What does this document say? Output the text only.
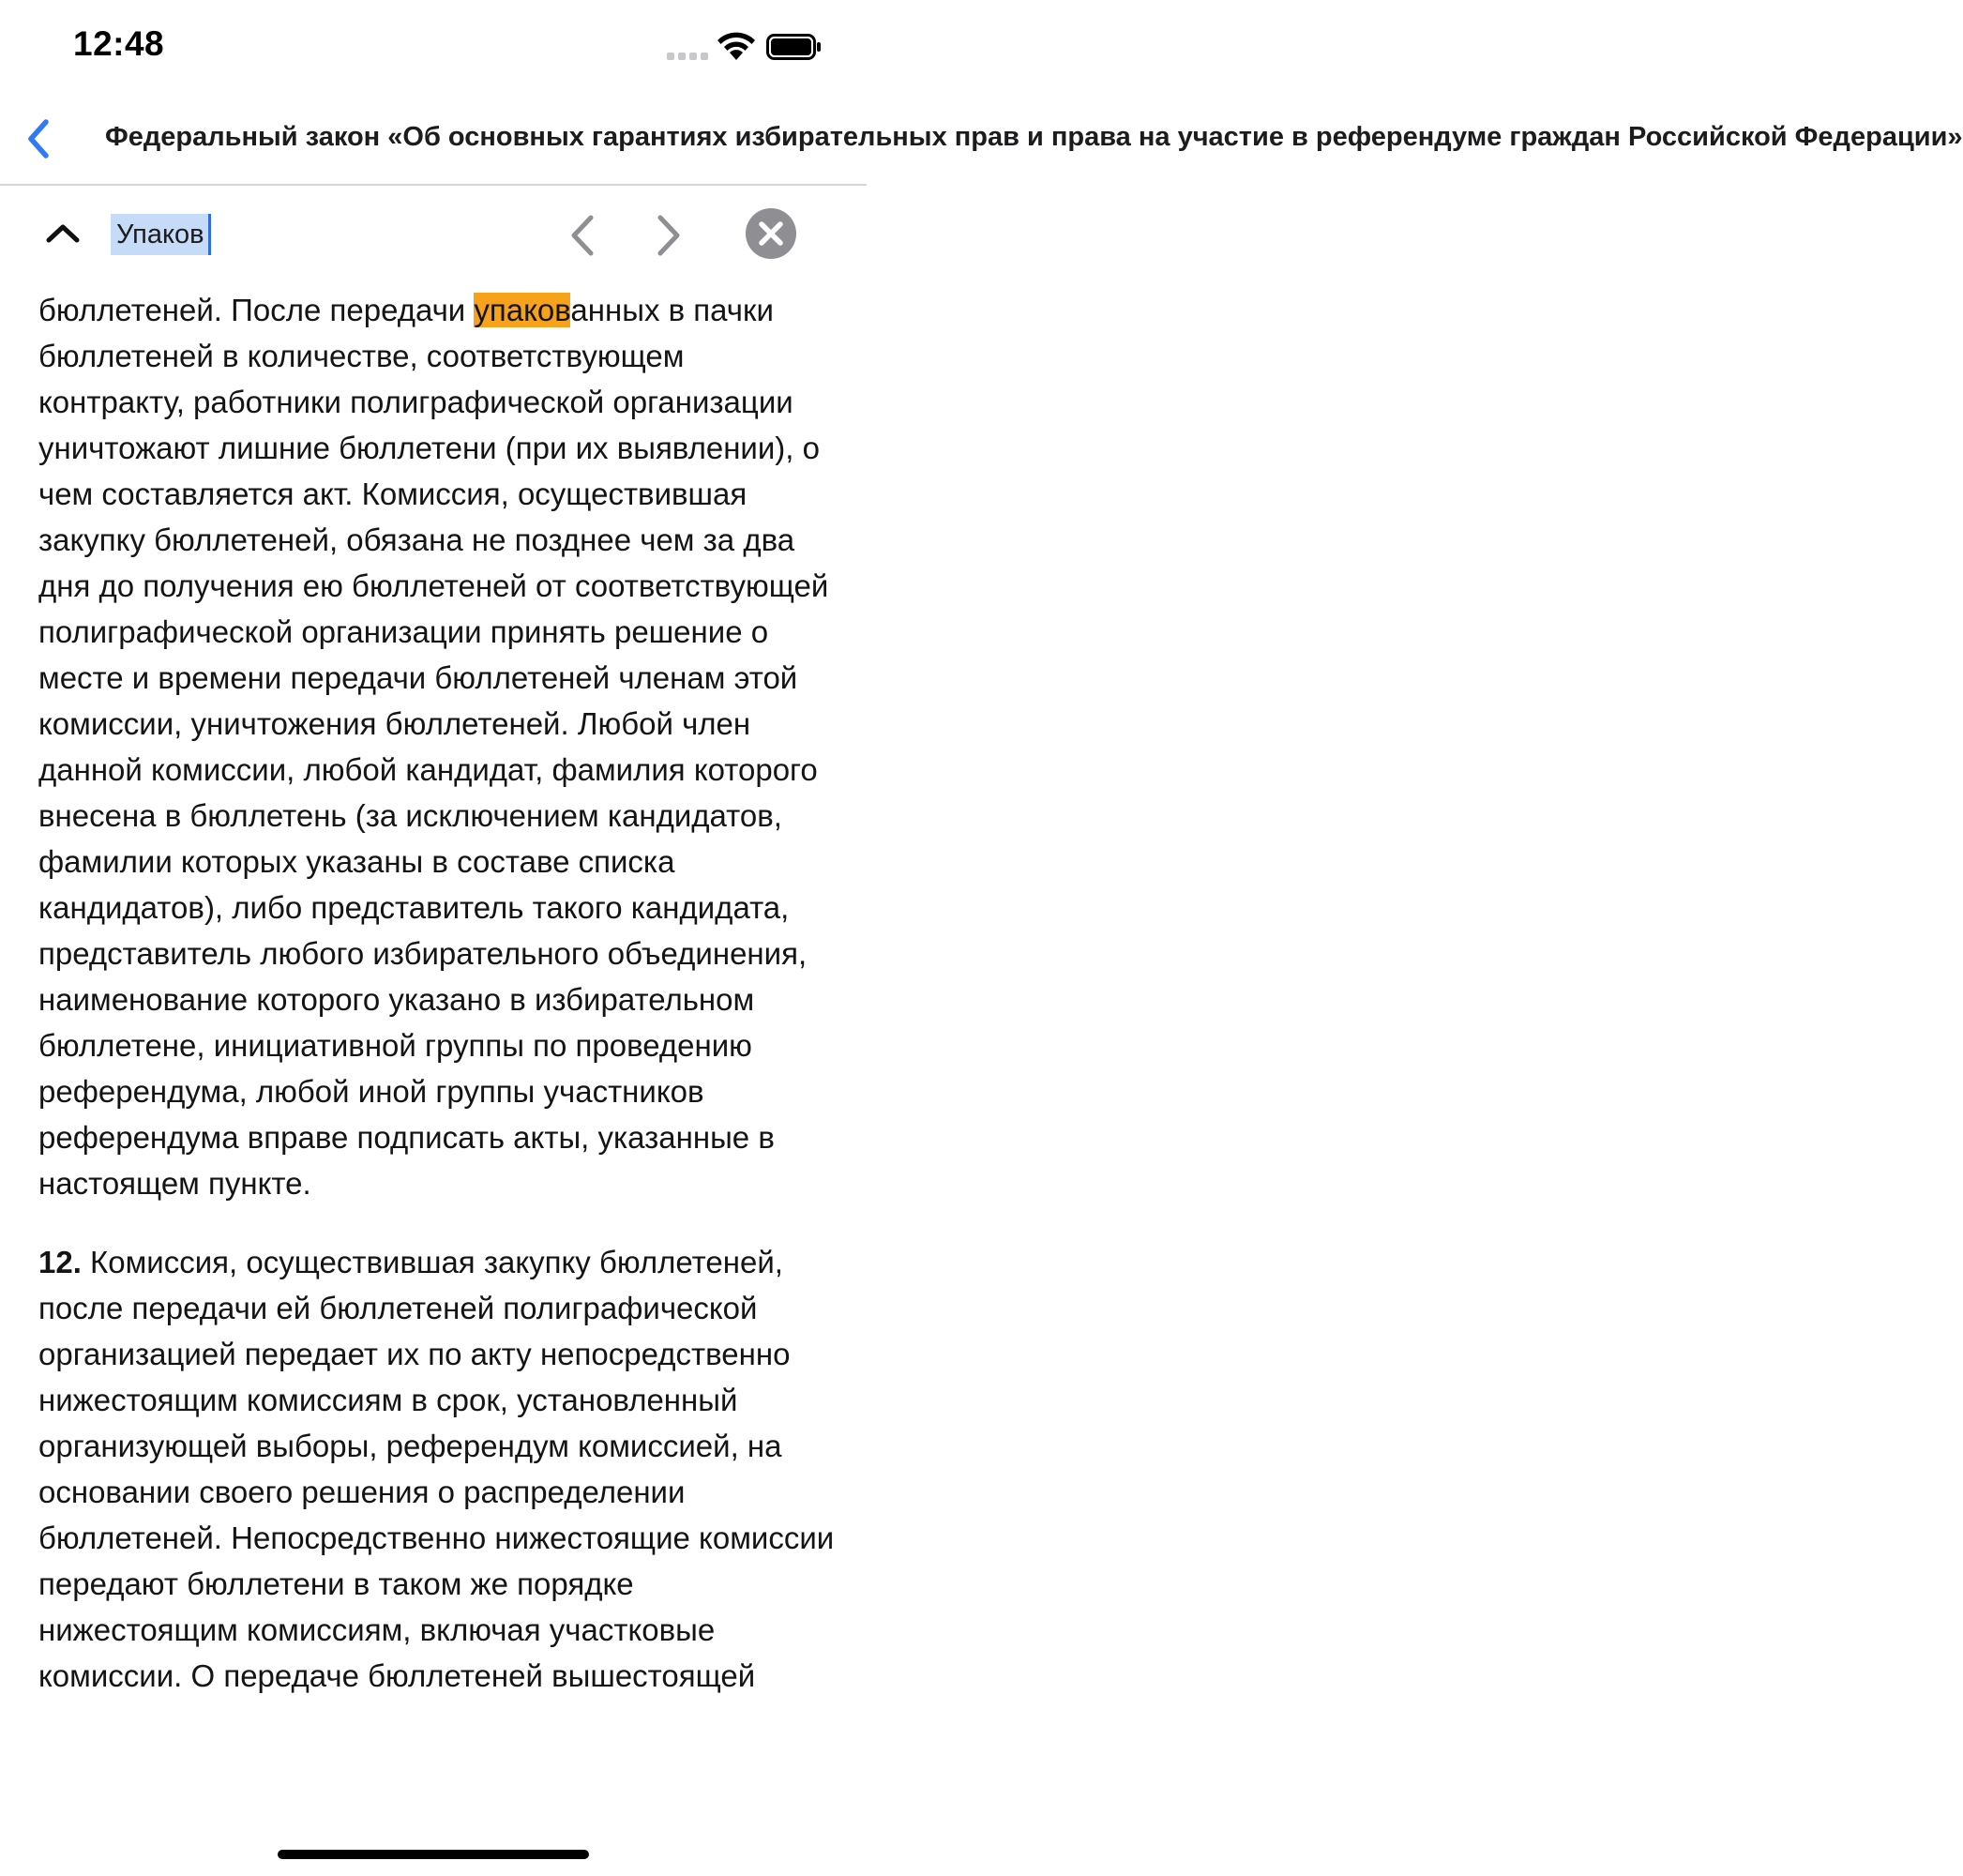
12:48
Федеральный закон «Об основных гарантиях избирательных прав и права на участие в референдуме граждан Российской Федерации»
Упаков

бюллетеней. После передачи упакованных в пачки бюллетеней в количестве, соответствующем контракту, работники полиграфической организации уничтожают лишние бюллетени (при их выявлении), о чем составляется акт. Комиссия, осуществившая закупку бюллетеней, обязана не позднее чем за два дня до получения ею бюллетеней от соответствующей полиграфической организации принять решение о месте и времени передачи бюллетеней членам этой комиссии, уничтожения бюллетеней. Любой член данной комиссии, любой кандидат, фамилия которого внесена в бюллетень (за исключением кандидатов, фамилии которых указаны в составе списка кандидатов), либо представитель такого кандидата, представитель любого избирательного объединения, наименование которого указано в избирательном бюллетене, инициативной группы по проведению референдума, любой иной группы участников референдума вправе подписать акты, указанные в настоящем пункте.

12. Комиссия, осуществившая закупку бюллетеней, после передачи ей бюллетеней полиграфической организацией передает их по акту непосредственно нижестоящим комиссиям в срок, установленный организующей выборы, референдум комиссией, на основании своего решения о распределении бюллетеней. Непосредственно нижестоящие комиссии передают бюллетени в таком же порядке нижестоящим комиссиям, включая участковые комиссии. О передаче бюллетеней вышестоящей
